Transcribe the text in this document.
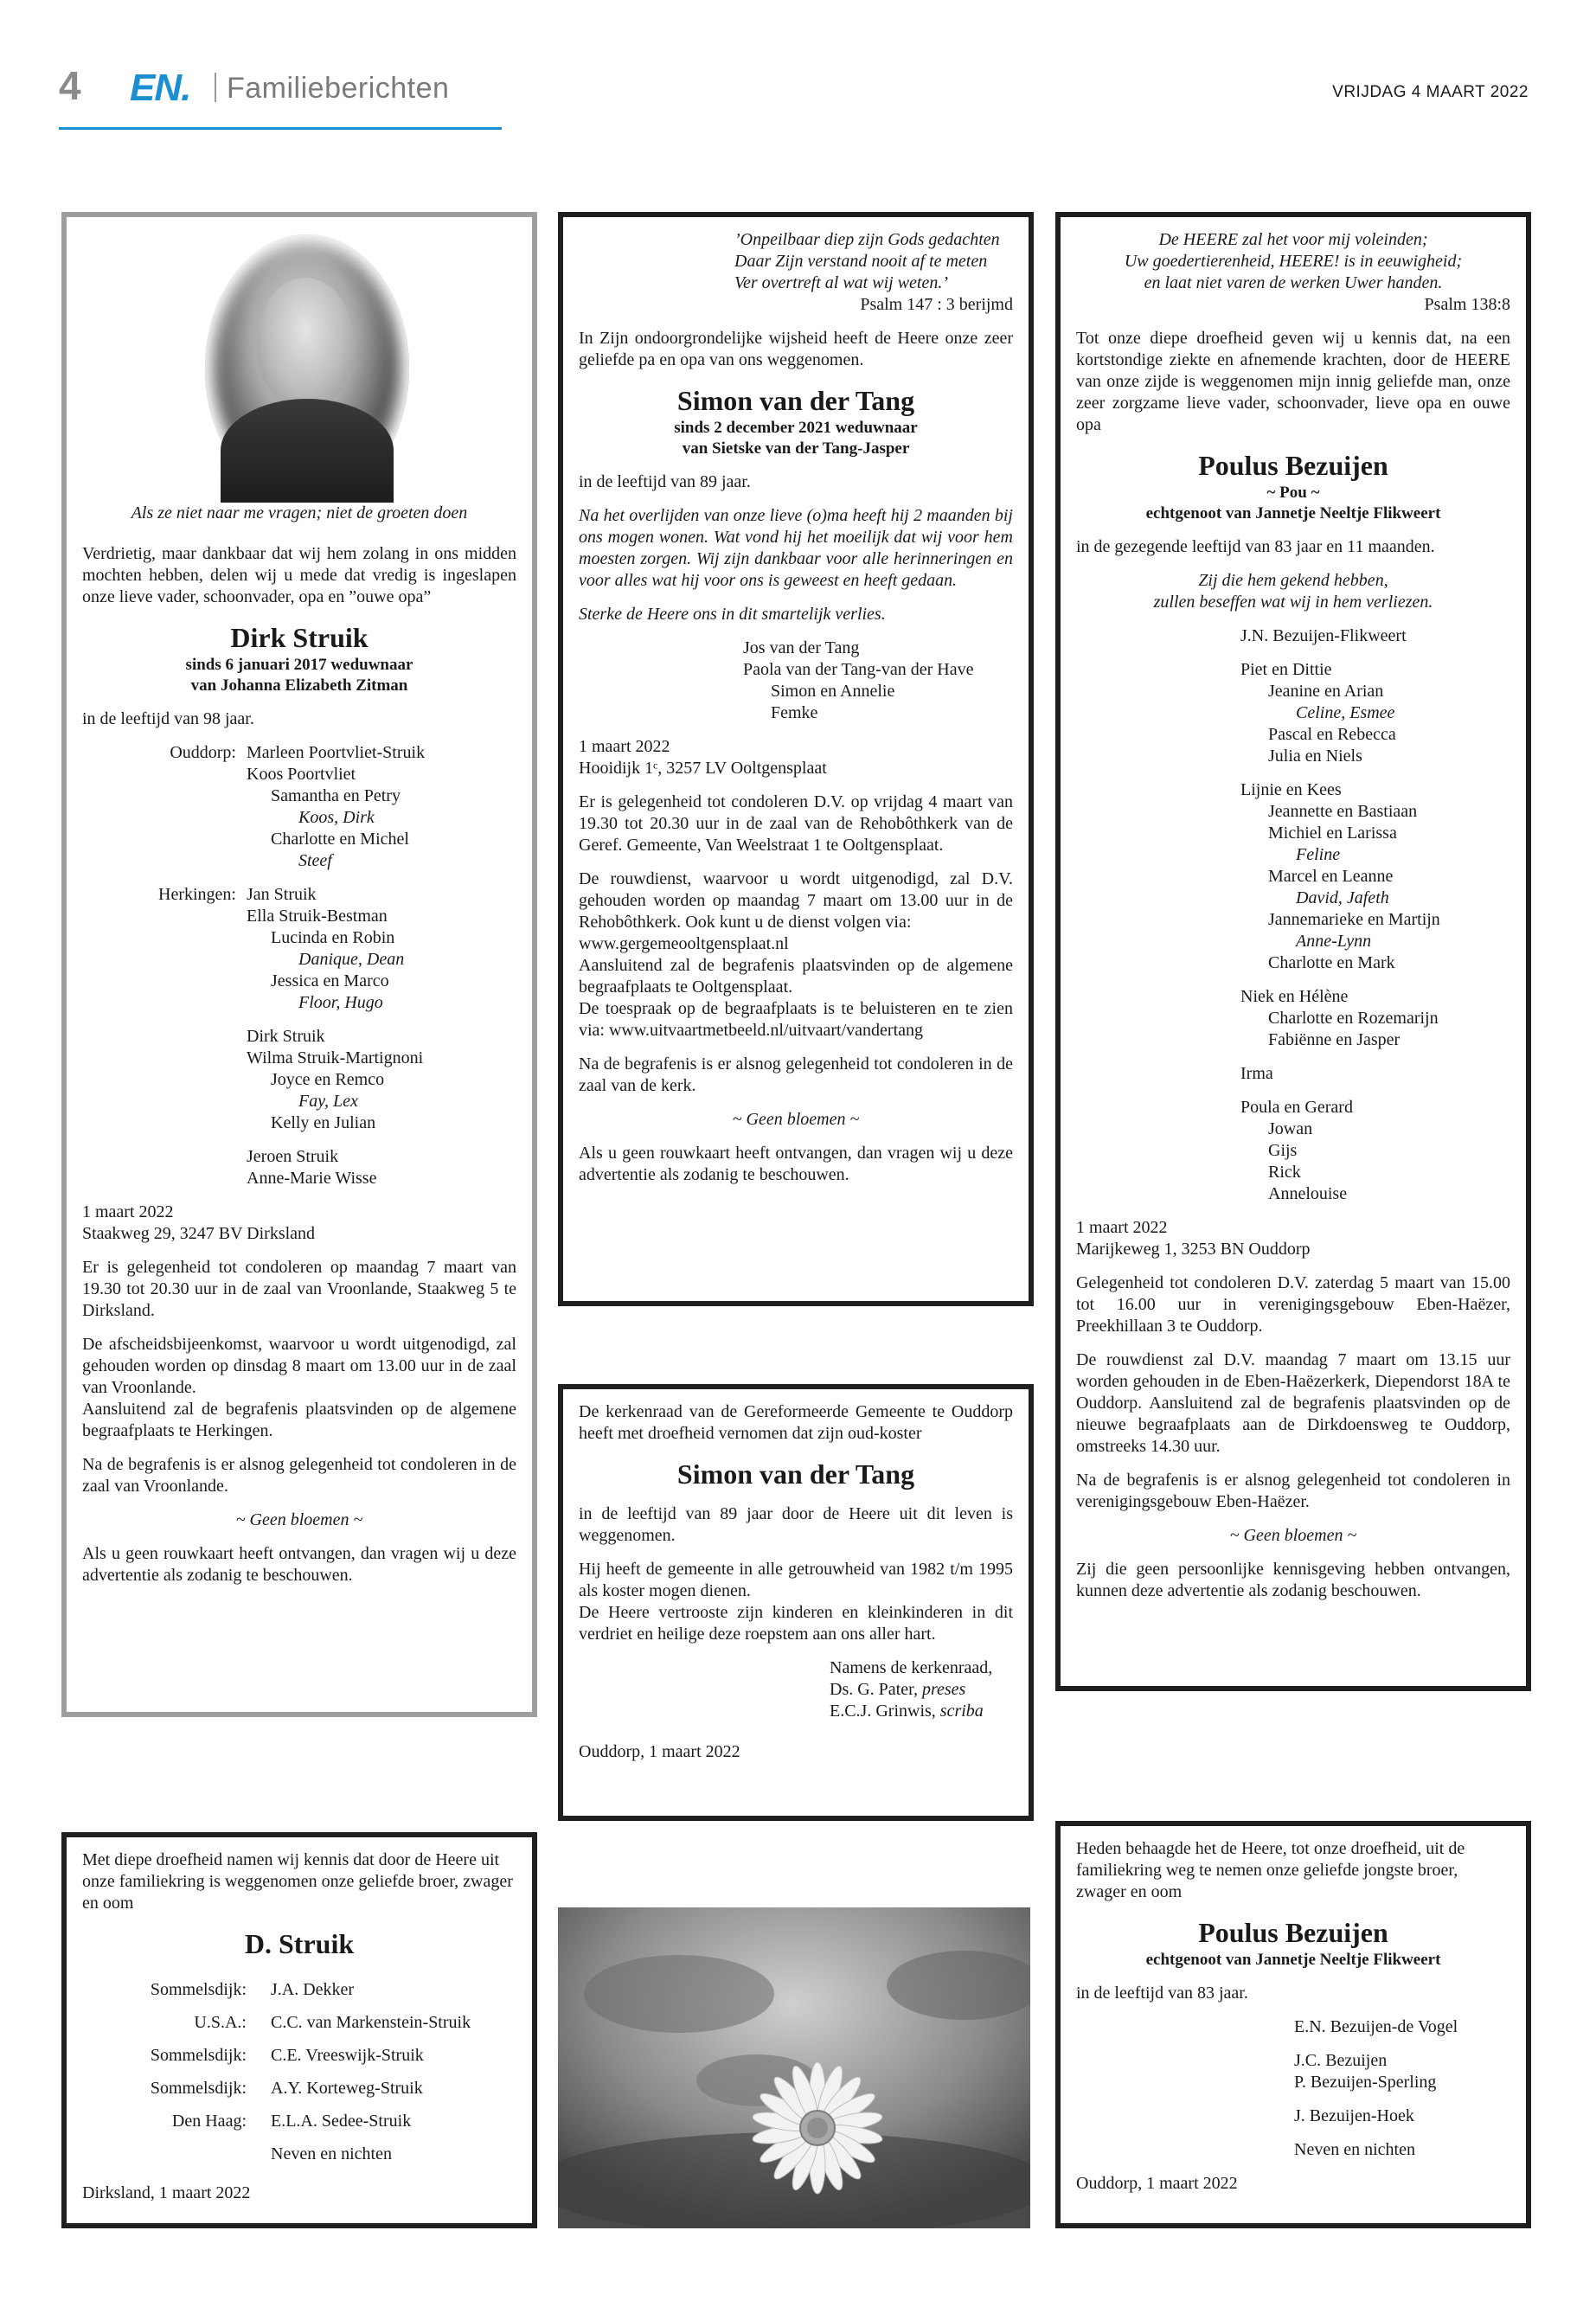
4 EN. Familieberichten	VRIJDAG 4 MAART 2022

Als ze niet naar me vragen; niet de groeten doen

Verdrietig, maar dankbaar dat wij hem zolang in ons midden mochten hebben, delen wij u mede dat vredig is ingeslapen onze lieve vader, schoonvader, opa en ”ouwe opa”

Dirk Struik

sinds 6 januari 2017 weduwnaar

van Johanna Elizabeth Zitman

in de leeftijd van 98 jaar.

Ouddorp: Marleen Poortvliet-Struik

Koos Poortvliet

Samantha en Petry

Koos, Dirk

Charlotte en Michel

Steef

Herkingen: Jan Struik

Ella Struik-Bestman

Lucinda en Robin

Danique, Dean

Jessica en Marco

Floor, Hugo

Dirk Struik

Wilma Struik-Martignoni

Joyce en Remco

Fay, Lex

Kelly en Julian

Jeroen Struik

Anne-Marie Wisse

1 maart 2022

Staakweg 29, 3247 BV Dirksland

Er is gelegenheid tot condoleren op maandag 7 maart van 19.30 tot 20.30 uur in de zaal van Vroonlande, Staakweg 5 te Dirksland.

De afscheidsbijeenkomst, waarvoor u wordt uitgenodigd, zal gehouden worden op dinsdag 8 maart om 13.00 uur in de zaal van Vroonlande.

Aansluitend zal de begrafenis plaatsvinden op de algemene begraafplaats te Herkingen.

Na de begrafenis is er alsnog gelegenheid tot condoleren in de zaal van Vroonlande.

~ Geen bloemen ~

Als u geen rouwkaart heeft ontvangen, dan vragen wij u deze advertentie als zodanig te beschouwen.

’Onpeilbaar diep zijn Gods gedachten

Daar Zijn verstand nooit af te meten

Ver overtreft al wat wij weten.’

Psalm 147 : 3 berijmd

In Zijn ondoorgrondelijke wijsheid heeft de Heere onze zeer geliefde pa en opa van ons weggenomen.

Simon van der Tang

sinds 2 december 2021 weduwnaar

van Sietske van der Tang-Jasper

in de leeftijd van 89 jaar.

Na het overlijden van onze lieve (o)ma heeft hij 2 maanden bij ons mogen wonen. Wat vond hij het moeilijk dat wij voor hem moesten zorgen. Wij zijn dankbaar voor alle herinneringen en voor alles wat hij voor ons is geweest en heeft gedaan.

Sterke de Heere ons in dit smartelijk verlies.

Jos van der Tang

Paola van der Tang-van der Have

Simon en Annelie

Femke

1 maart 2022

Hooidijk 1ᶜ, 3257 LV Ooltgensplaat

Er is gelegenheid tot condoleren D.V. op vrijdag 4 maart van 19.30 tot 20.30 uur in de zaal van de Rehobôthkerk van de Geref. Gemeente, Van Weelstraat 1 te Ooltgensplaat.

De rouwdienst, waarvoor u wordt uitgenodigd, zal D.V. gehouden worden op maandag 7 maart om 13.00 uur in de Rehobôthkerk. Ook kunt u de dienst volgen via:

www.gergemeooltgensplaat.nl

Aansluitend zal de begrafenis plaatsvinden op de algemene begraafplaats te Ooltgensplaat.

De toespraak op de begraafplaats is te beluisteren en te zien via: www.uitvaartmetbeeld.nl/uitvaart/vandertang

Na de begrafenis is er alsnog gelegenheid tot condoleren in de zaal van de kerk.

~ Geen bloemen ~

Als u geen rouwkaart heeft ontvangen, dan vragen wij u deze advertentie als zodanig te beschouwen.

De HEERE zal het voor mij voleinden;

Uw goedertierenheid, HEERE! is in eeuwigheid;

en laat niet varen de werken Uwer handen.

Psalm 138:8

Tot onze diepe droefheid geven wij u kennis dat, na een kortstondige ziekte en afnemende krachten, door de HEERE van onze zijde is weggenomen mijn innig geliefde man, onze zeer zorgzame lieve vader, schoonvader, lieve opa en ouwe opa

Poulus Bezuijen

~ Pou ~

echtgenoot van Jannetje Neeltje Flikweert

in de gezegende leeftijd van 83 jaar en 11 maanden.

Zij die hem gekend hebben,

zullen beseffen wat wij in hem verliezen.

J.N. Bezuijen-Flikweert

Piet en Dittie

Jeanine en Arian

Celine, Esmee

Pascal en Rebecca

Julia en Niels

Lijnie en Kees

Jeannette en Bastiaan

Michiel en Larissa

Feline

Marcel en Leanne

David, Jafeth

Jannemarieke en Martijn

Anne-Lynn

Charlotte en Mark

Niek en Hélène

Charlotte en Rozemarijn

Fabiënne en Jasper

Irma

Poula en Gerard

Jowan

Gijs

Rick

Annelouise

1 maart 2022

Marijkeweg 1, 3253 BN Ouddorp

Gelegenheid tot condoleren D.V. zaterdag 5 maart van 15.00 tot 16.00 uur in verenigingsgebouw Eben-Haëzer, Preekhillaan 3 te Ouddorp.

De rouwdienst zal D.V. maandag 7 maart om 13.15 uur worden gehouden in de Eben-Haëzerkerk, Diependorst 18A te Ouddorp. Aansluitend zal de begrafenis plaatsvinden op de nieuwe begraafplaats aan de Dirkdoensweg te Ouddorp, omstreeks 14.30 uur.

Na de begrafenis is er alsnog gelegenheid tot condoleren in verenigingsgebouw Eben-Haëzer.

~ Geen bloemen ~

Zij die geen persoonlijke kennisgeving hebben ontvangen, kunnen deze advertentie als zodanig beschouwen.

De kerkenraad van de Gereformeerde Gemeente te Ouddorp heeft met droefheid vernomen dat zijn oud-koster

Simon van der Tang

in de leeftijd van 89 jaar door de Heere uit dit leven is weggenomen.

Hij heeft de gemeente in alle getrouwheid van 1982 t/m 1995 als koster mogen dienen.

De Heere vertrooste zijn kinderen en kleinkinderen in dit verdriet en heilige deze roepstem aan ons aller hart.

Namens de kerkenraad,

Ds. G. Pater, preses

E.C.J. Grinwis, scriba

Ouddorp, 1 maart 2022

Met diepe droefheid namen wij kennis dat door de Heere uit onze familiekring is weggenomen onze geliefde broer, zwager en oom

D. Struik

Sommelsdijk:	J.A. Dekker
U.S.A.:	C.C. van Markenstein-Struik
Sommelsdijk:	C.E. Vreeswijk-Struik
Sommelsdijk:	A.Y. Korteweg-Struik
Den Haag:	E.L.A. Sedee-Struik
Neven en nichten

Dirksland, 1 maart 2022

Heden behaagde het de Heere, tot onze droefheid, uit de familiekring weg te nemen onze geliefde jongste broer, zwager en oom

Poulus Bezuijen

echtgenoot van Jannetje Neeltje Flikweert

in de leeftijd van 83 jaar.

E.N. Bezuijen-de Vogel

J.C. Bezuijen

P. Bezuijen-Sperling

J. Bezuijen-Hoek

Neven en nichten

Ouddorp, 1 maart 2022
